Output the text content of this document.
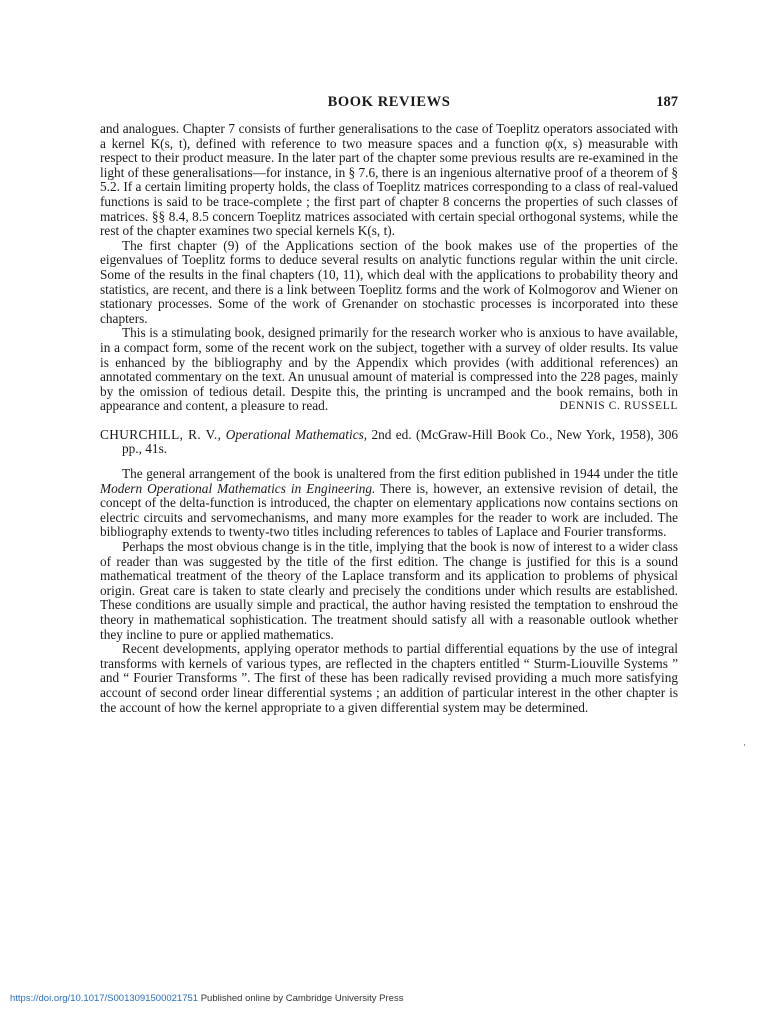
BOOK REVIEWS	187

and analogues. Chapter 7 consists of further generalisations to the case of Toeplitz operators associated with a kernel K(s, t), defined with reference to two measure spaces and a function φ(x, s) measurable with respect to their product measure. In the later part of the chapter some previous results are re-examined in the light of these generalisations—for instance, in § 7.6, there is an ingenious alternative proof of a theorem of § 5.2. If a certain limiting property holds, the class of Toeplitz matrices corresponding to a class of real-valued functions is said to be trace-complete ; the first part of chapter 8 concerns the properties of such classes of matrices. §§ 8.4, 8.5 concern Toeplitz matrices associated with certain special orthogonal systems, while the rest of the chapter examines two special kernels K(s, t).

The first chapter (9) of the Applications section of the book makes use of the properties of the eigenvalues of Toeplitz forms to deduce several results on analytic functions regular within the unit circle. Some of the results in the final chapters (10, 11), which deal with the applications to probability theory and statistics, are recent, and there is a link between Toeplitz forms and the work of Kolmogorov and Wiener on stationary processes. Some of the work of Grenander on stochastic processes is incorporated into these chapters.

This is a stimulating book, designed primarily for the research worker who is anxious to have available, in a compact form, some of the recent work on the subject, together with a survey of older results. Its value is enhanced by the bibliography and by the Appendix which provides (with additional references) an annotated commentary on the text. An unusual amount of material is compressed into the 228 pages, mainly by the omission of tedious detail. Despite this, the printing is uncramped and the book remains, both in appearance and content, a pleasure to read.	DENNIS C. RUSSELL

CHURCHILL, R. V., Operational Mathematics, 2nd ed. (McGraw-Hill Book Co., New York, 1958), 306 pp., 41s.

The general arrangement of the book is unaltered from the first edition published in 1944 under the title Modern Operational Mathematics in Engineering. There is, however, an extensive revision of detail, the concept of the delta-function is introduced, the chapter on elementary applications now contains sections on electric circuits and servomechanisms, and many more examples for the reader to work are included. The bibliography extends to twenty-two titles including references to tables of Laplace and Fourier transforms.

Perhaps the most obvious change is in the title, implying that the book is now of interest to a wider class of reader than was suggested by the title of the first edition. The change is justified for this is a sound mathematical treatment of the theory of the Laplace transform and its application to problems of physical origin. Great care is taken to state clearly and precisely the conditions under which results are established. These conditions are usually simple and practical, the author having resisted the temptation to enshroud the theory in mathematical sophistication. The treatment should satisfy all with a reasonable outlook whether they incline to pure or applied mathematics.

Recent developments, applying operator methods to partial differential equations by the use of integral transforms with kernels of various types, are reflected in the chapters entitled “ Sturm-Liouville Systems ” and “ Fourier Transforms ”. The first of these has been radically revised providing a much more satisfying account of second order linear differential systems ; an addition of particular interest in the other chapter is the account of how the kernel appropriate to a given differential system may be determined.

https://doi.org/10.1017/S0013091500021751 Published online by Cambridge University Press
